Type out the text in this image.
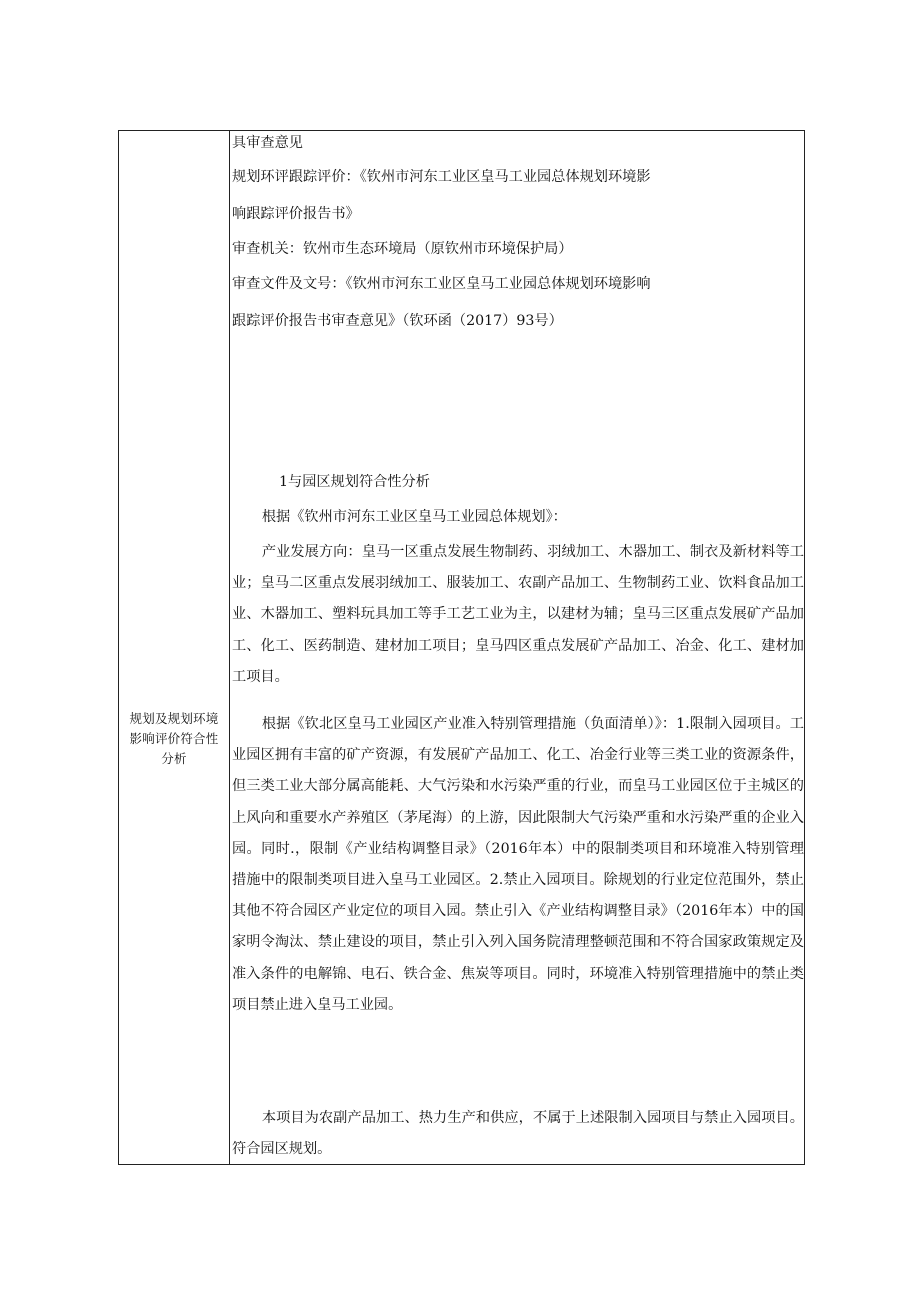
规划及规划环境
影响评价符合性
分析
具审查意见
规划环评跟踪评价：《钦州市河东工业区皇马工业园总体规划环境影
响跟踪评价报告书》
审查机关：钦州市生态环境局（原钦州市环境保护局）
审查文件及文号：《钦州市河东工业区皇马工业园总体规划环境影响
跟踪评价报告书审查意见》（钦环函（2017）93号）
1与园区规划符合性分析
根据《钦州市河东工业区皇马工业园总体规划》：
产业发展方向：皇马一区重点发展生物制药、羽绒加工、木器加工、制衣及新材料等工业；皇马二区重点发展羽绒加工、服装加工、农副产品加工、生物制药工业、饮料食品加工业、木器加工、塑料玩具加工等手工艺工业为主，以建材为辅；皇马三区重点发展矿产品加工、化工、医药制造、建材加工项目；皇马四区重点发展矿产品加工、冶金、化工、建材加工项目。
根据《钦北区皇马工业园区产业准入特别管理措施（负面清单）》：1.限制入园项目。工业园区拥有丰富的矿产资源，有发展矿产品加工、化工、冶金行业等三类工业的资源条件，但三类工业大部分属高能耗、大气污染和水污染严重的行业，而皇马工业园区位于主城区的上风向和重要水产养殖区（茅尾海）的上游，因此限制大气污染严重和水污染严重的企业入园。同时.，限制《产业结构调整目录》（2016年本）中的限制类项目和环境准入特别管理措施中的限制类项目进入皇马工业园区。2.禁止入园项目。除规划的行业定位范围外，禁止其他不符合园区产业定位的项目入园。禁止引入《产业结构调整目录》（2016年本）中的国家明令淘汰、禁止建设的项目，禁止引入列入国务院清理整顿范围和不符合国家政策规定及准入条件的电解锦、电石、铁合金、焦炭等项目。同时，环境准入特别管理措施中的禁止类项目禁止进入皇马工业园。
本项目为农副产品加工、热力生产和供应，不属于上述限制入园项目与禁止入园项目。符合园区规划。
